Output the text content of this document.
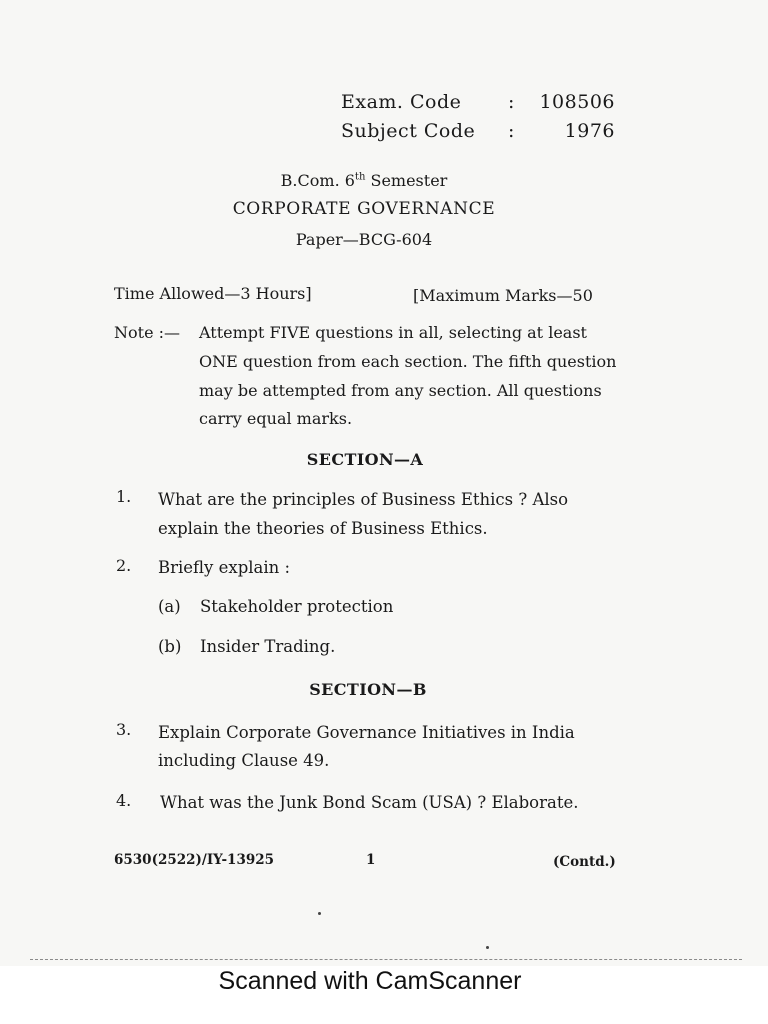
Exam. Code :	108506
Subject Code :	1976
B.Com. 6th Semester
CORPORATE GOVERNANCE
Paper—BCG-604
Time Allowed—3 Hours]	[Maximum Marks—50
Note :— Attempt FIVE questions in all, selecting at least
ONE question from each section. The fifth question
may be attempted from any section. All questions
carry equal marks.
SECTION—A
1. What are the principles of Business Ethics ? Also
explain the theories of Business Ethics.
2. Briefly explain :
(a) Stakeholder protection
(b) Insider Trading.
SECTION—B
3. Explain Corporate Governance Initiatives in India
including Clause 49.
4. What was the Junk Bond Scam (USA) ? Elaborate.
6530(2522)/IY-13925	1	(Contd.)
Scanned with CamScanner
